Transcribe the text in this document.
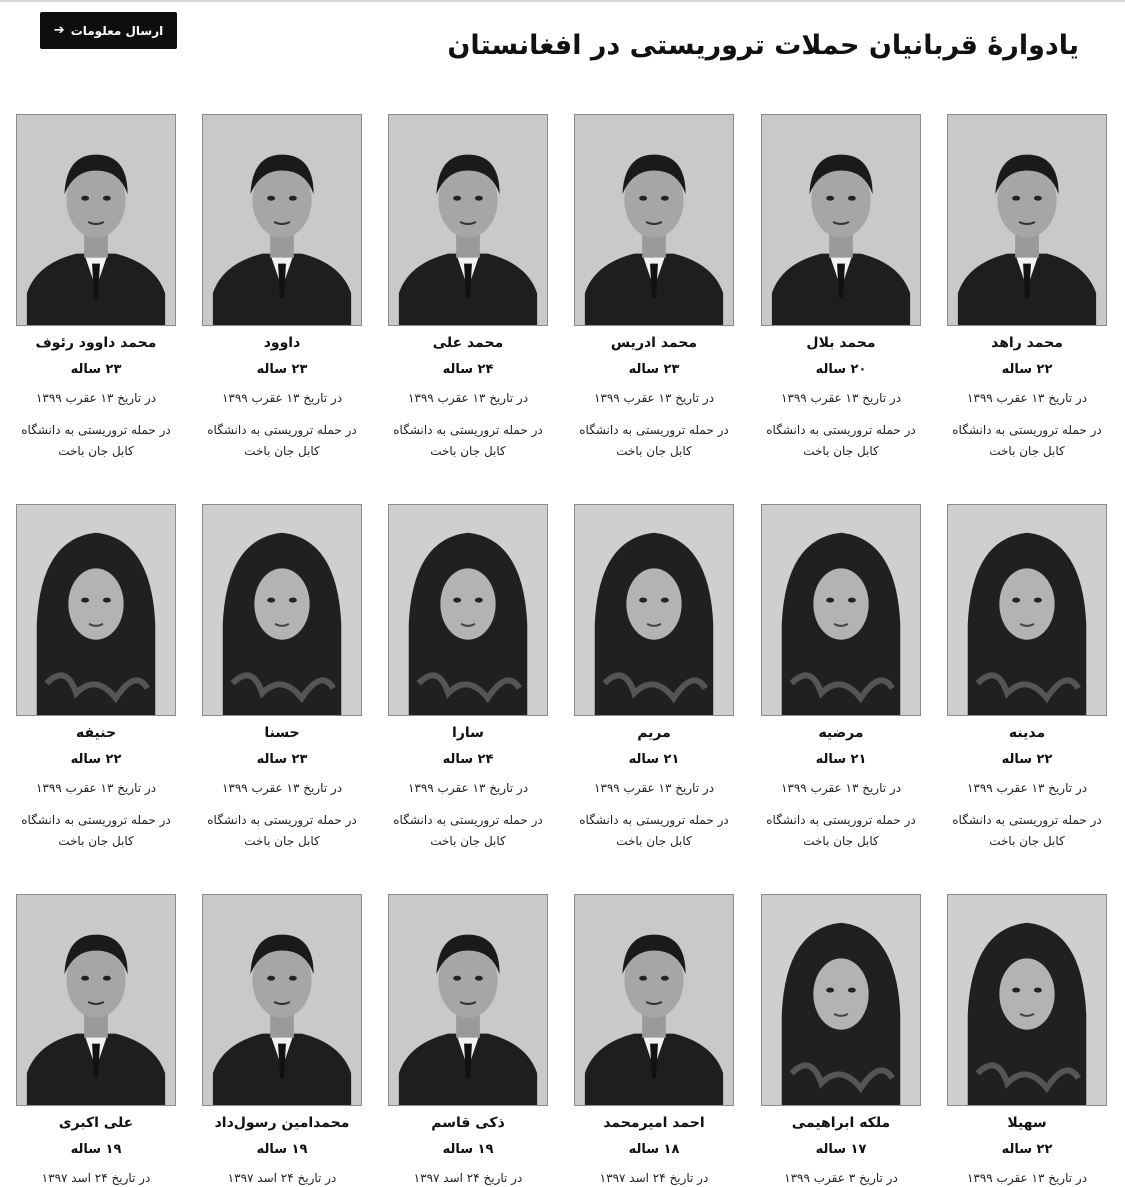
ارسال معلومات
➔	یادوارهٔ قربانیان حملات تروریستی در افغانستان
محمد راهد
۲۲ ساله
در تاریخ ۱۳ عقرب ۱۳۹۹
در حمله تروریستی به دانشگاه کابل جان باخت
محمد بلال
۲۰ ساله
در تاریخ ۱۳ عقرب ۱۳۹۹
در حمله تروریستی به دانشگاه کابل جان باخت
محمد ادریس
۲۳ ساله
در تاریخ ۱۳ عقرب ۱۳۹۹
در حمله تروریستی به دانشگاه کابل جان باخت
محمد علی
۲۴ ساله
در تاریخ ۱۳ عقرب ۱۳۹۹
در حمله تروریستی به دانشگاه کابل جان باخت
داوود
۲۳ ساله
در تاریخ ۱۳ عقرب ۱۳۹۹
در حمله تروریستی به دانشگاه کابل جان باخت
محمد داوود رئوف
۲۳ ساله
در تاریخ ۱۳ عقرب ۱۳۹۹
در حمله تروریستی به دانشگاه کابل جان باخت
مدینه
۲۲ ساله
در تاریخ ۱۳ عقرب ۱۳۹۹
در حمله تروریستی به دانشگاه کابل جان باخت
مرضیه
۲۱ ساله
در تاریخ ۱۳ عقرب ۱۳۹۹
در حمله تروریستی به دانشگاه کابل جان باخت
مریم
۲۱ ساله
در تاریخ ۱۳ عقرب ۱۳۹۹
در حمله تروریستی به دانشگاه کابل جان باخت
سارا
۲۴ ساله
در تاریخ ۱۳ عقرب ۱۳۹۹
در حمله تروریستی به دانشگاه کابل جان باخت
حسنا
۲۳ ساله
در تاریخ ۱۳ عقرب ۱۳۹۹
در حمله تروریستی به دانشگاه کابل جان باخت
حنیفه
۲۲ ساله
در تاریخ ۱۳ عقرب ۱۳۹۹
در حمله تروریستی به دانشگاه کابل جان باخت
سهیلا
۲۲ ساله
در تاریخ ۱۳ عقرب ۱۳۹۹
ملکه ابراهیمی
۱۷ ساله
در تاریخ ۳ عقرب ۱۳۹۹
احمد امیرمحمد
۱۸ ساله
در تاریخ ۲۴ اسد ۱۳۹۷
ذکی قاسم
۱۹ ساله
در تاریخ ۲۴ اسد ۱۳۹۷
محمدامین رسول‌داد
۱۹ ساله
در تاریخ ۲۴ اسد ۱۳۹۷
علی اکبری
۱۹ ساله
در تاریخ ۲۴ اسد ۱۳۹۷
